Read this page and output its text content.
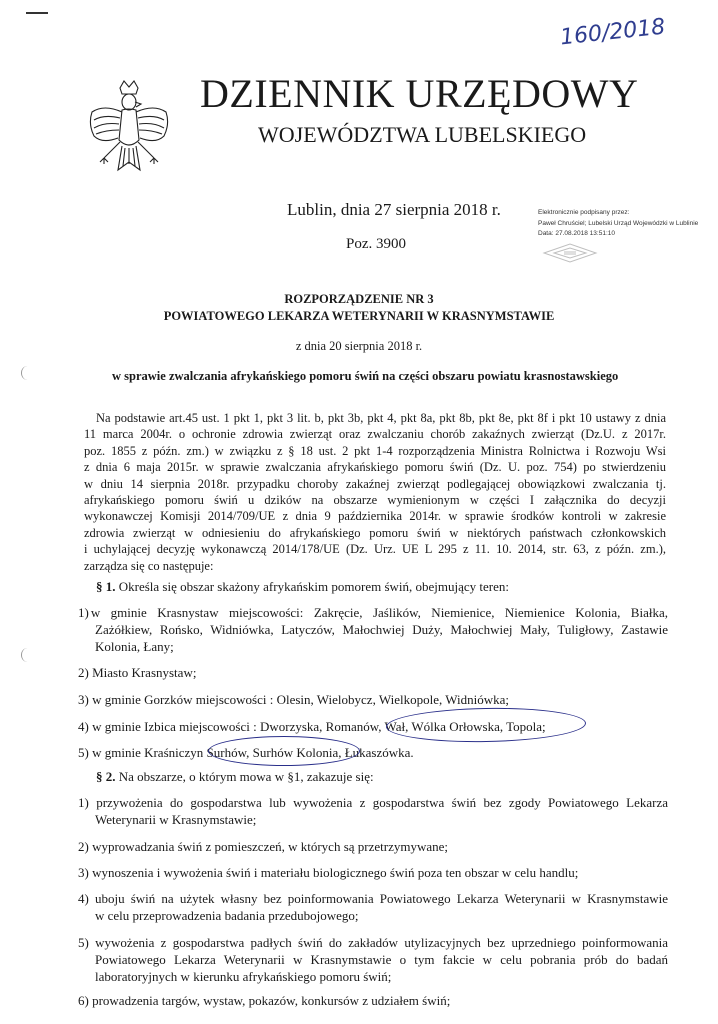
160/2018
DZIENNIK URZĘDOWY
WOJEWÓDZTWA LUBELSKIEGO
Lublin, dnia 27 sierpnia 2018 r.
Poz. 3900
Elektronicznie podpisany przez:
Paweł Chruściel; Lubelski Urząd Wojewódzki w Lublinie
Data: 27.08.2018 13:51:10
ROZPORZĄDZENIE NR 3
POWIATOWEGO LEKARZA WETERYNARII W KRASNYMSTAWIE
z dnia 20 sierpnia 2018 r.
w sprawie zwalczania afrykańskiego pomoru świń na części obszaru powiatu krasnostawskiego
Na podstawie art.45 ust. 1 pkt 1, pkt 3 lit. b, pkt 3b, pkt 4, pkt 8a, pkt 8b, pkt 8e, pkt 8f i pkt 10 ustawy z dnia
11 marca 2004r. o ochronie zdrowia zwierząt oraz zwalczaniu chorób zakaźnych zwierząt (Dz.U. z 2017r.
poz. 1855 z późn. zm.) w związku z § 18 ust. 2 pkt 1-4 rozporządzenia Ministra Rolnictwa i Rozwoju Wsi
z dnia 6 maja 2015r. w sprawie zwalczania afrykańskiego pomoru świń (Dz. U. poz. 754) po stwierdzeniu
w dniu 14 sierpnia 2018r. przypadku choroby zakaźnej zwierząt podlegającej obowiązkowi zwalczania tj.
afrykańskiego pomoru świń u dzików na obszarze wymienionym w części I załącznika do decyzji
wykonawczej Komisji 2014/709/UE z dnia 9 października 2014r. w sprawie środków kontroli w zakresie
zdrowia zwierząt w odniesieniu do afrykańskiego pomoru świń w niektórych państwach członkowskich
i uchylającej decyzję wykonawczą 2014/178/UE (Dz. Urz. UE L 295 z 11. 10. 2014, str. 63, z późn. zm.),
zarządza się co następuje:
§ 1. Określa się obszar skażony afrykańskim pomorem świń, obejmujący teren:
1) w gminie Krasnystaw miejscowości: Zakręcie, Jaślików, Niemienice, Niemienice Kolonia, Białka,
Zażółkiew, Rońsko, Widniówka, Latyczów, Małochwiej Duży, Małochwiej Mały, Tuligłowy, Zastawie
Kolonia, Łany;
2) Miasto Krasnystaw;
3) w gminie Gorzków miejscowości : Olesin, Wielobycz, Wielkopole, Widniówka;
4) w gminie Izbica miejscowości : Dworzyska, Romanów, Wał, Wólka Orłowska, Topola;
5) w gminie Kraśniczyn Surhów, Surhów Kolonia, Łukaszówka.
§ 2. Na obszarze, o którym mowa w §1, zakazuje się:
1) przywożenia do gospodarstwa lub wywożenia z gospodarstwa świń bez zgody Powiatowego Lekarza
Weterynarii w Krasnymstawie;
2) wyprowadzania świń z pomieszczeń, w których są przetrzymywane;
3) wynoszenia i wywożenia świń i materiału biologicznego świń poza ten obszar w celu handlu;
4) uboju świń na użytek własny bez poinformowania Powiatowego Lekarza Weterynarii w Krasnymstawie
w celu przeprowadzenia badania przedubojowego;
5) wywożenia z gospodarstwa padłych świń do zakładów utylizacyjnych bez uprzedniego poinformowania
Powiatowego Lekarza Weterynarii w Krasnymstawie o tym fakcie w celu pobrania prób do badań
laboratoryjnych w kierunku afrykańskiego pomoru świń;
6) prowadzenia targów, wystaw, pokazów, konkursów z udziałem świń;
